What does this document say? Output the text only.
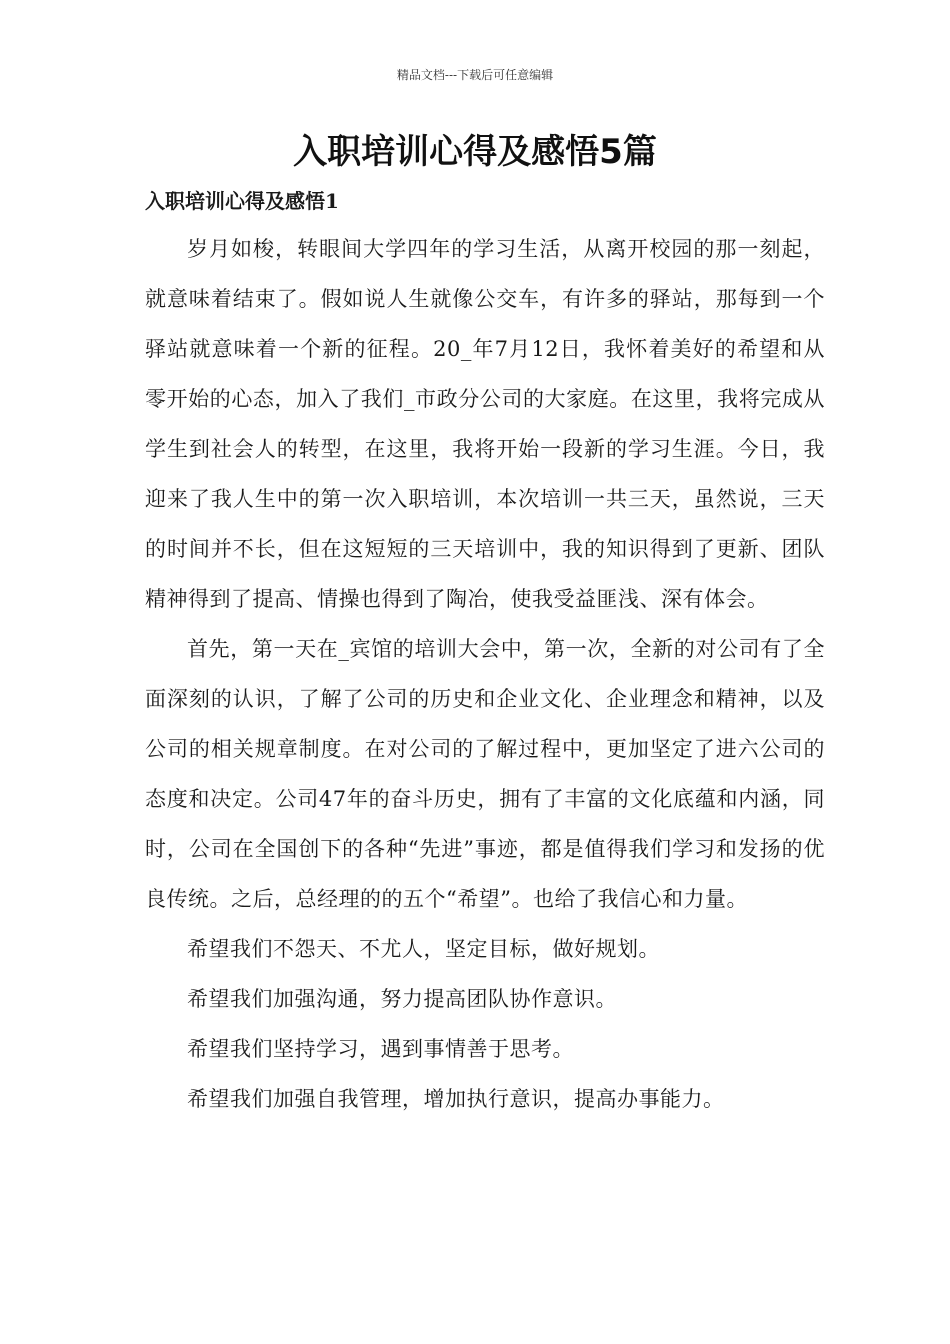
精品文档---下载后可任意编辑
入职培训心得及感悟5篇
入职培训心得及感悟1

岁月如梭，转眼间大学四年的学习生活，从离开校园的那一刻起，就意味着结束了。假如说人生就像公交车，有许多的驿站，那每到一个驿站就意味着一个新的征程。20_年7月12日，我怀着美好的希望和从零开始的心态，加入了我们_市政分公司的大家庭。在这里，我将完成从学生到社会人的转型，在这里，我将开始一段新的学习生涯。今日，我迎来了我人生中的第一次入职培训，本次培训一共三天，虽然说，三天的时间并不长，但在这短短的三天培训中，我的知识得到了更新、团队精神得到了提高、情操也得到了陶冶，使我受益匪浅、深有体会。

首先，第一天在_宾馆的培训大会中，第一次，全新的对公司有了全面深刻的认识，了解了公司的历史和企业文化、企业理念和精神，以及公司的相关规章制度。在对公司的了解过程中，更加坚定了进六公司的态度和决定。公司47年的奋斗历史，拥有了丰富的文化底蕴和内涵，同时，公司在全国创下的各种“先进”事迹，都是值得我们学习和发扬的优良传统。之后，总经理的的五个“希望”。也给了我信心和力量。

希望我们不怨天、不尤人，坚定目标，做好规划。

希望我们加强沟通，努力提高团队协作意识。

希望我们坚持学习，遇到事情善于思考。

希望我们加强自我管理，增加执行意识，提高办事能力。
